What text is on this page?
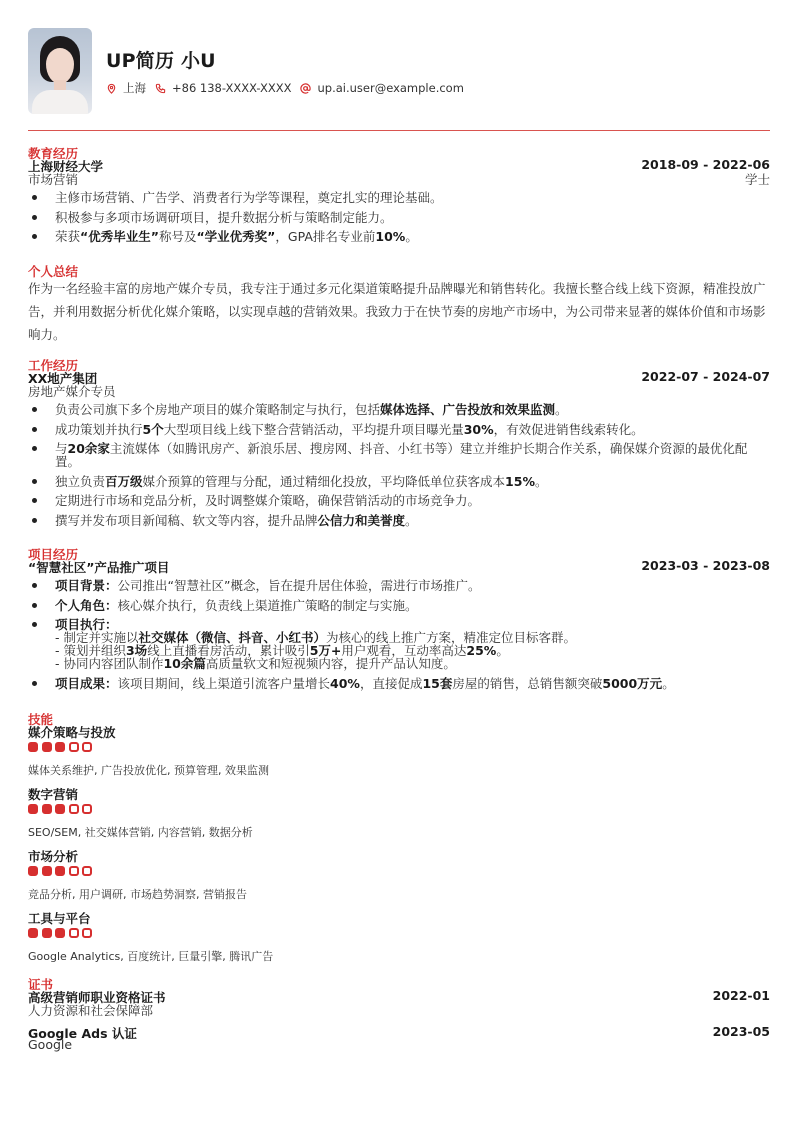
UP简历 小U
上海 +86 138-XXXX-XXXX up.ai.user@example.com
教育经历
上海财经大学	2018-09 - 2022-06
市场营销	学士
主修市场营销、广告学、消费者行为学等课程，奠定扎实的理论基础。
积极参与多项市场调研项目，提升数据分析与策略制定能力。
荣获“优秀毕业生”称号及“学业优秀奖”，GPA排名专业前10%。
个人总结
作为一名经验丰富的房地产媒介专员，我专注于通过多元化渠道策略提升品牌曝光和销售转化。我擅长整合线上线下资源，精准投放广告，并利用数据分析优化媒介策略，以实现卓越的营销效果。我致力于在快节奏的房地产市场中，为公司带来显著的媒体价值和市场影响力。
工作经历
XX地产集团	2022-07 - 2024-07
房地产媒介专员
负责公司旗下多个房地产项目的媒介策略制定与执行，包括媒体选择、广告投放和效果监测。
成功策划并执行5个大型项目线上线下整合营销活动，平均提升项目曝光量30%，有效促进销售线索转化。
与20余家主流媒体（如腾讯房产、新浪乐居、搜房网、抖音、小红书等）建立并维护长期合作关系，确保媒介资源的最优化配置。
独立负责百万级媒介预算的管理与分配，通过精细化投放，平均降低单位获客成本15%。
定期进行市场和竞品分析，及时调整媒介策略，确保营销活动的市场竞争力。
撰写并发布项目新闻稿、软文等内容，提升品牌公信力和美誉度。
项目经历
“智慧社区”产品推广项目	2023-03 - 2023-08
项目背景：公司推出“智慧社区”概念，旨在提升居住体验，需进行市场推广。
个人角色：核心媒介执行，负责线上渠道推广策略的制定与实施。
项目执行：
- 制定并实施以社交媒体（微信、抖音、小红书）为核心的线上推广方案，精准定位目标客群。
- 策划并组织3场线上直播看房活动，累计吸引5万+用户观看，互动率高达25%。
- 协同内容团队制作10余篇高质量软文和短视频内容，提升产品认知度。
项目成果：该项目期间，线上渠道引流客户量增长40%，直接促成15套房屋的销售，总销售额突破5000万元。
技能
媒介策略与投放
媒体关系维护, 广告投放优化, 预算管理, 效果监测
数字营销
SEO/SEM, 社交媒体营销, 内容营销, 数据分析
市场分析
竞品分析, 用户调研, 市场趋势洞察, 营销报告
工具与平台
Google Analytics, 百度统计, 巨量引擎, 腾讯广告
证书
高级营销师职业资格证书	2022-01
人力资源和社会保障部
Google Ads 认证	2023-05
Google
